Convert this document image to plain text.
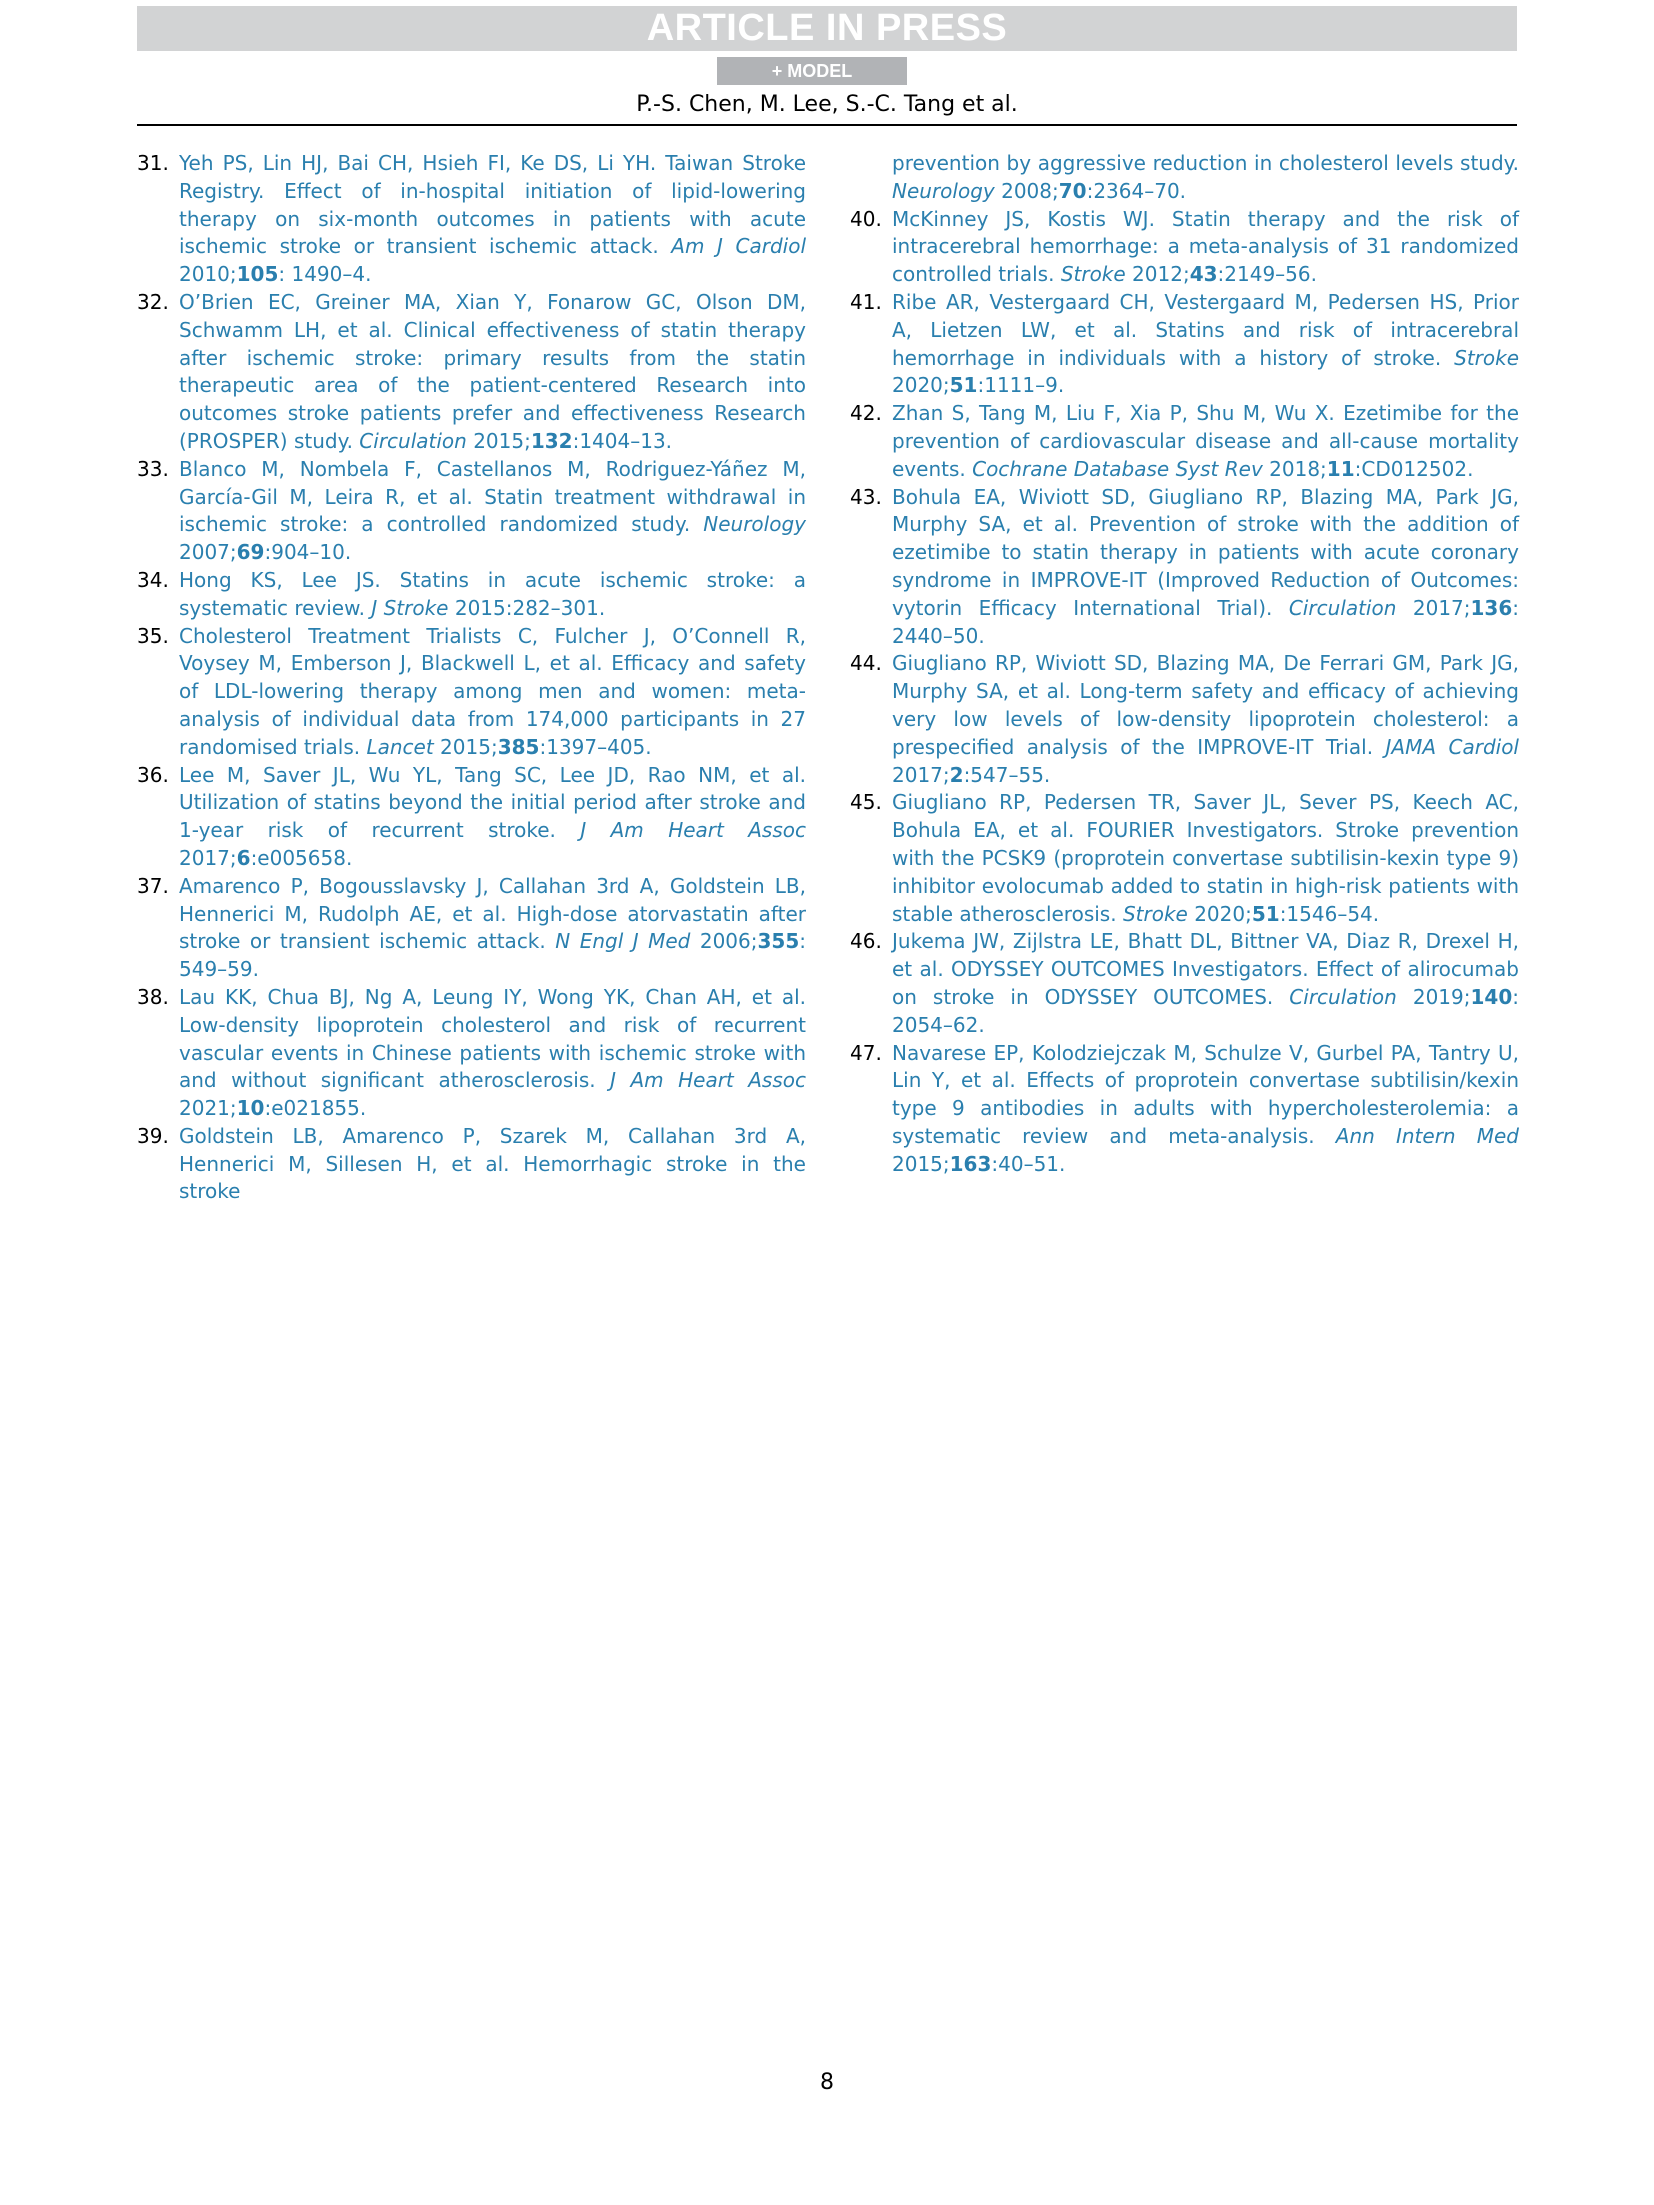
ARTICLE IN PRESS
+ MODEL
P.-S. Chen, M. Lee, S.-C. Tang et al.
31. Yeh PS, Lin HJ, Bai CH, Hsieh FI, Ke DS, Li YH. Taiwan Stroke Registry. Effect of in-hospital initiation of lipid-lowering therapy on six-month outcomes in patients with acute ischemic stroke or transient ischemic attack. Am J Cardiol 2010;105: 1490–4.
32. O’Brien EC, Greiner MA, Xian Y, Fonarow GC, Olson DM, Schwamm LH, et al. Clinical effectiveness of statin therapy after ischemic stroke: primary results from the statin therapeutic area of the patient-centered Research into outcomes stroke patients prefer and effectiveness Research (PROSPER) study. Circulation 2015;132:1404–13.
33. Blanco M, Nombela F, Castellanos M, Rodriguez-Yáñez M, García-Gil M, Leira R, et al. Statin treatment withdrawal in ischemic stroke: a controlled randomized study. Neurology 2007;69:904–10.
34. Hong KS, Lee JS. Statins in acute ischemic stroke: a systematic review. J Stroke 2015:282–301.
35. Cholesterol Treatment Trialists C, Fulcher J, O’Connell R, Voysey M, Emberson J, Blackwell L, et al. Efficacy and safety of LDL-lowering therapy among men and women: meta-analysis of individual data from 174,000 participants in 27 randomised trials. Lancet 2015;385:1397–405.
36. Lee M, Saver JL, Wu YL, Tang SC, Lee JD, Rao NM, et al. Utilization of statins beyond the initial period after stroke and 1-year risk of recurrent stroke. J Am Heart Assoc 2017;6:e005658.
37. Amarenco P, Bogousslavsky J, Callahan 3rd A, Goldstein LB, Hennerici M, Rudolph AE, et al. High-dose atorvastatin after stroke or transient ischemic attack. N Engl J Med 2006;355: 549–59.
38. Lau KK, Chua BJ, Ng A, Leung IY, Wong YK, Chan AH, et al. Low-density lipoprotein cholesterol and risk of recurrent vascular events in Chinese patients with ischemic stroke with and without significant atherosclerosis. J Am Heart Assoc 2021;10:e021855.
39. Goldstein LB, Amarenco P, Szarek M, Callahan 3rd A, Hennerici M, Sillesen H, et al. Hemorrhagic stroke in the stroke
prevention by aggressive reduction in cholesterol levels study. Neurology 2008;70:2364–70.
40. McKinney JS, Kostis WJ. Statin therapy and the risk of intracerebral hemorrhage: a meta-analysis of 31 randomized controlled trials. Stroke 2012;43:2149–56.
41. Ribe AR, Vestergaard CH, Vestergaard M, Pedersen HS, Prior A, Lietzen LW, et al. Statins and risk of intracerebral hemorrhage in individuals with a history of stroke. Stroke 2020;51:1111–9.
42. Zhan S, Tang M, Liu F, Xia P, Shu M, Wu X. Ezetimibe for the prevention of cardiovascular disease and all-cause mortality events. Cochrane Database Syst Rev 2018;11:CD012502.
43. Bohula EA, Wiviott SD, Giugliano RP, Blazing MA, Park JG, Murphy SA, et al. Prevention of stroke with the addition of ezetimibe to statin therapy in patients with acute coronary syndrome in IMPROVE-IT (Improved Reduction of Outcomes: vytorin Efficacy International Trial). Circulation 2017;136: 2440–50.
44. Giugliano RP, Wiviott SD, Blazing MA, De Ferrari GM, Park JG, Murphy SA, et al. Long-term safety and efficacy of achieving very low levels of low-density lipoprotein cholesterol: a prespecified analysis of the IMPROVE-IT Trial. JAMA Cardiol 2017;2:547–55.
45. Giugliano RP, Pedersen TR, Saver JL, Sever PS, Keech AC, Bohula EA, et al. FOURIER Investigators. Stroke prevention with the PCSK9 (proprotein convertase subtilisin-kexin type 9) inhibitor evolocumab added to statin in high-risk patients with stable atherosclerosis. Stroke 2020;51:1546–54.
46. Jukema JW, Zijlstra LE, Bhatt DL, Bittner VA, Diaz R, Drexel H, et al. ODYSSEY OUTCOMES Investigators. Effect of alirocumab on stroke in ODYSSEY OUTCOMES. Circulation 2019;140: 2054–62.
47. Navarese EP, Kolodziejczak M, Schulze V, Gurbel PA, Tantry U, Lin Y, et al. Effects of proprotein convertase subtilisin/kexin type 9 antibodies in adults with hypercholesterolemia: a systematic review and meta-analysis. Ann Intern Med 2015;163:40–51.
8
